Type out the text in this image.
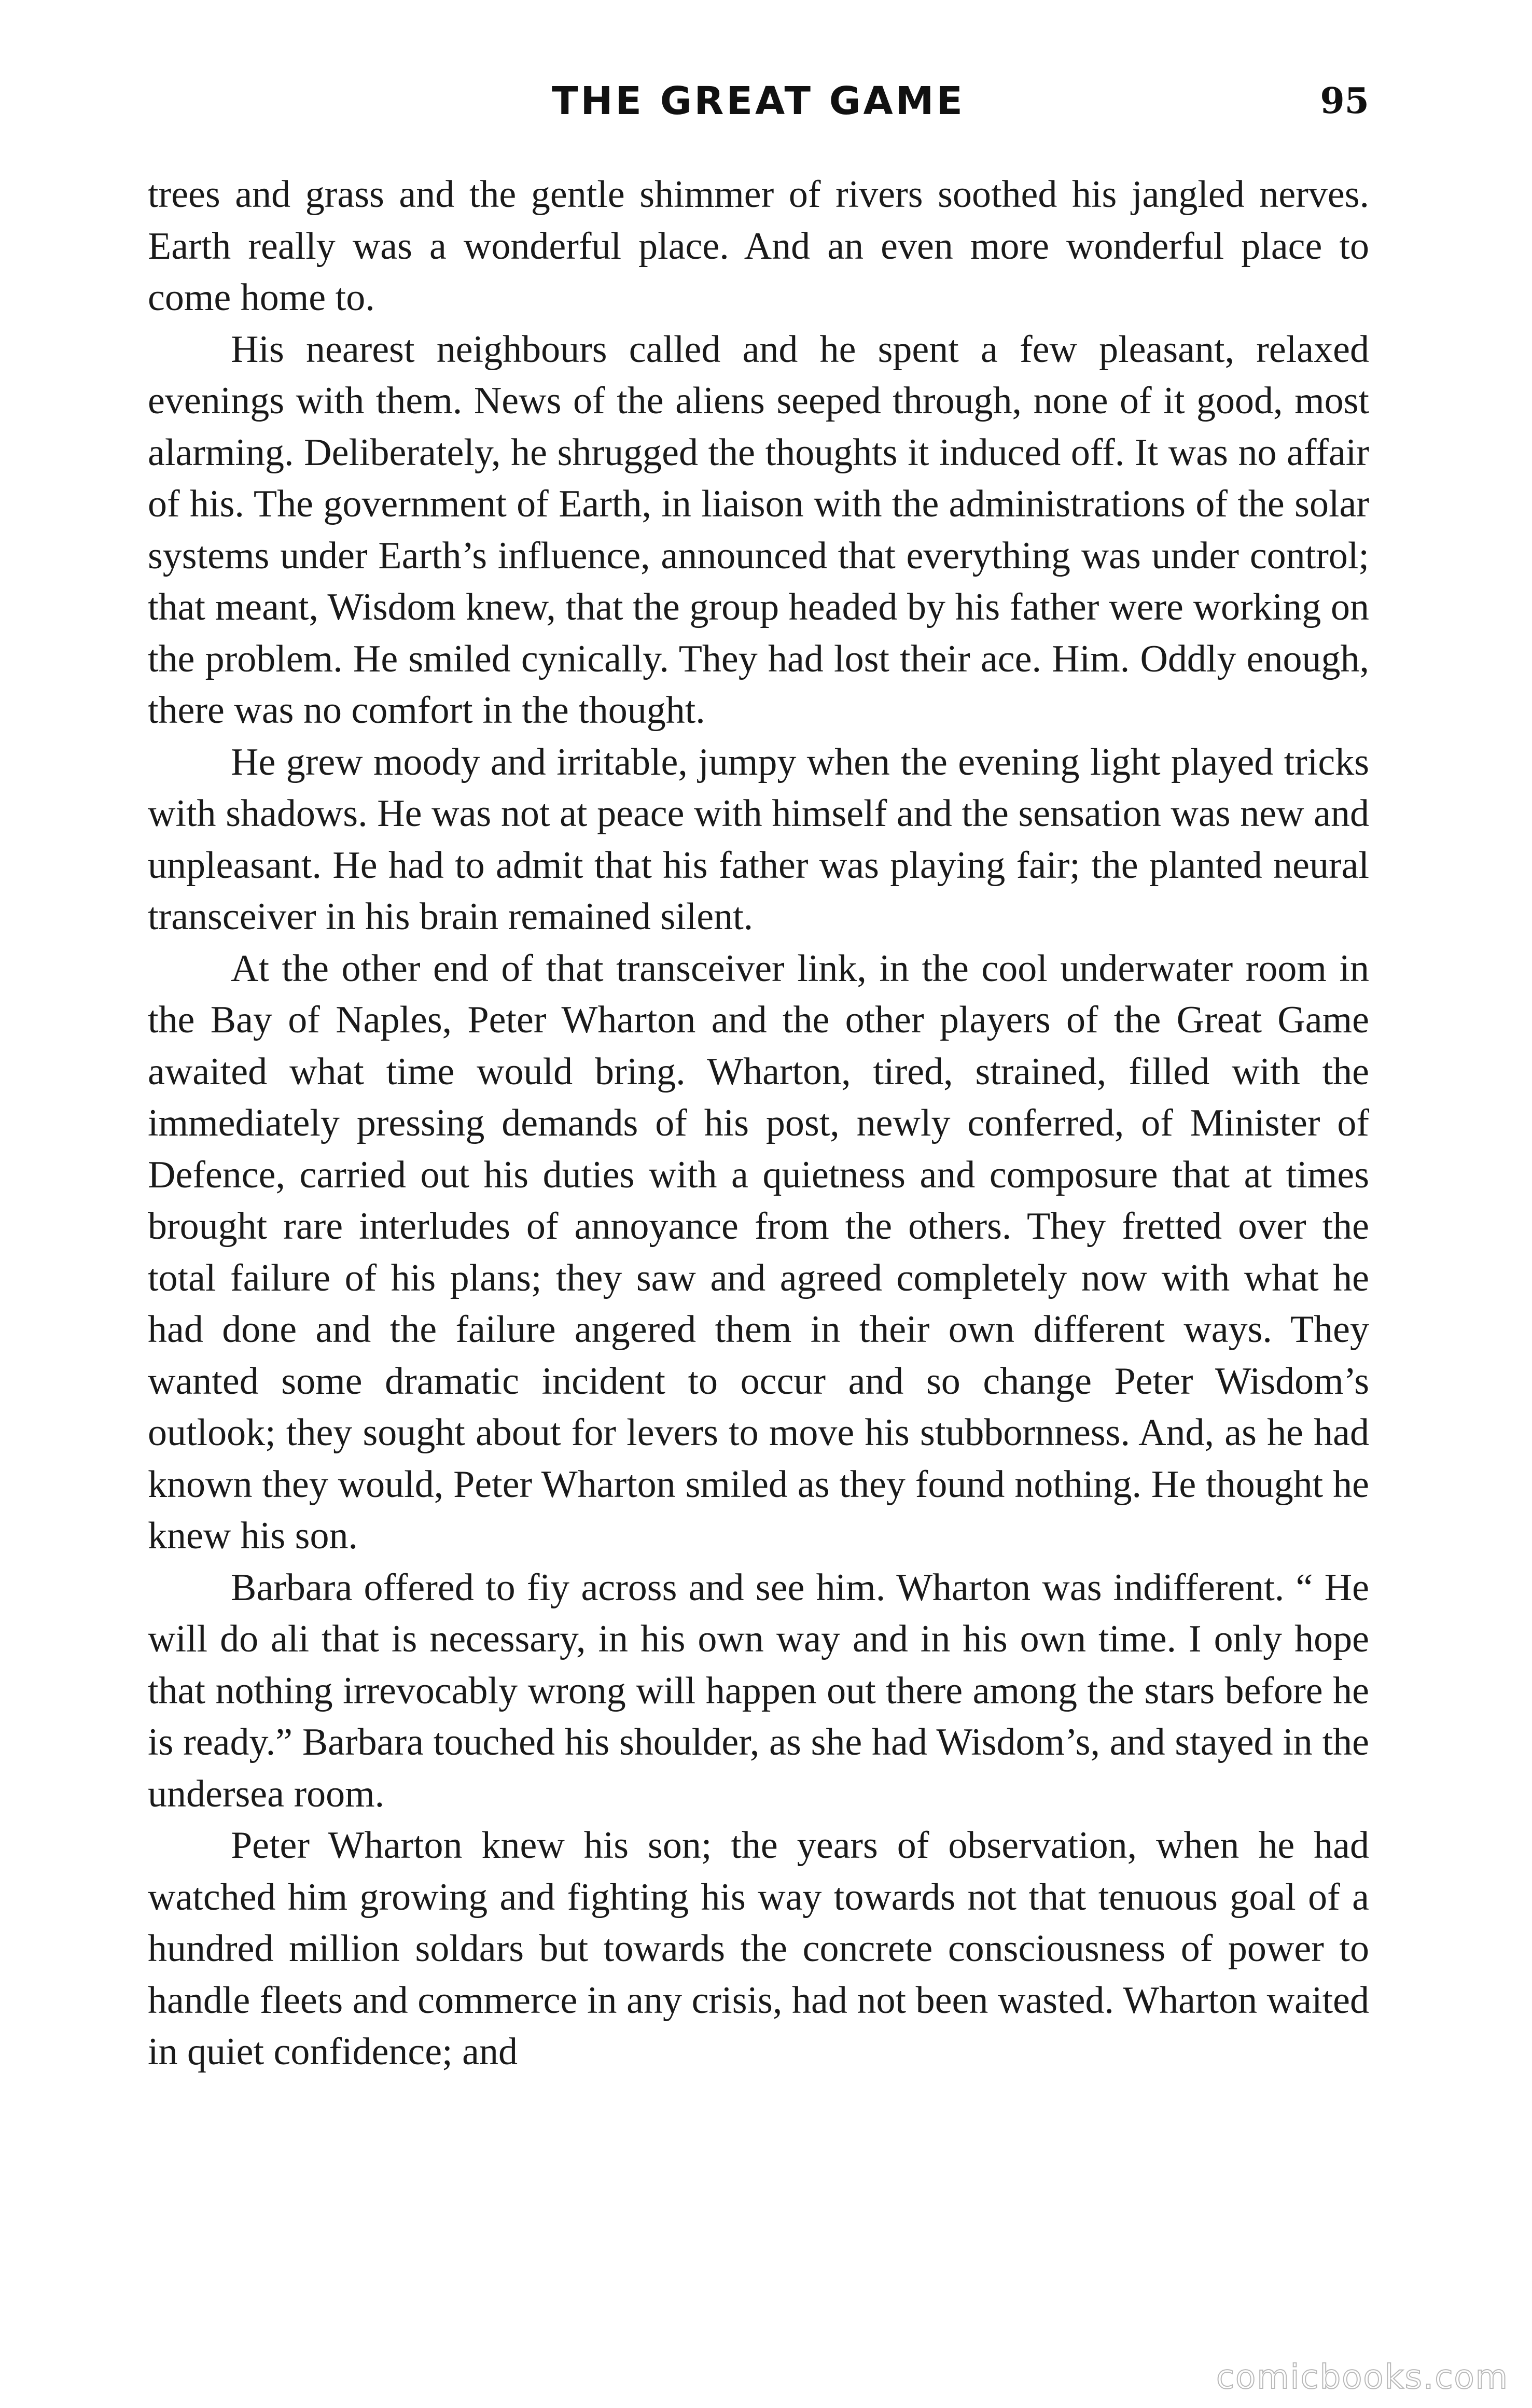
THE GREAT GAME	95

trees and grass and the gentle shimmer of rivers soothed his jangled nerves. Earth really was a wonderful place. And an even more wonderful place to come home to.

His nearest neighbours called and he spent a few pleasant, relaxed evenings with them. News of the aliens seeped through, none of it good, most alarming. Deliberately, he shrugged the thoughts it induced off. It was no affair of his. The government of Earth, in liaison with the administrations of the solar systems under Earth’s influence, announced that everything was under control; that meant, Wisdom knew, that the group headed by his father were working on the problem. He smiled cynically. They had lost their ace. Him. Oddly enough, there was no comfort in the thought.

He grew moody and irritable, jumpy when the evening light played tricks with shadows. He was not at peace with himself and the sensation was new and unpleasant. He had to admit that his father was playing fair; the planted neural transceiver in his brain remained silent.

At the other end of that transceiver link, in the cool underwater room in the Bay of Naples, Peter Wharton and the other players of the Great Game awaited what time would bring. Wharton, tired, strained, filled with the immediately pressing demands of his post, newly conferred, of Minister of Defence, carried out his duties with a quietness and composure that at times brought rare interludes of annoyance from the others. They fretted over the total failure of his plans; they saw and agreed completely now with what he had done and the failure angered them in their own different ways. They wanted some dramatic incident to occur and so change Peter Wisdom’s outlook; they sought about for levers to move his stubbornness. And, as he had known they would, Peter Wharton smiled as they found nothing. He thought he knew his son.

Barbara offered to fiy across and see him. Wharton was indifferent. “ He will do ali that is necessary, in his own way and in his own time. I only hope that nothing irrevocably wrong will happen out there among the stars before he is ready.” Barbara touched his shoulder, as she had Wisdom’s, and stayed in the undersea room.

Peter Wharton knew his son; the years of observation, when he had watched him growing and fighting his way towards not that tenuous goal of a hundred million soldars but towards the concrete consciousness of power to handle fleets and commerce in any crisis, had not been wasted. Wharton waited in quiet confidence; and

comicbooks.com
